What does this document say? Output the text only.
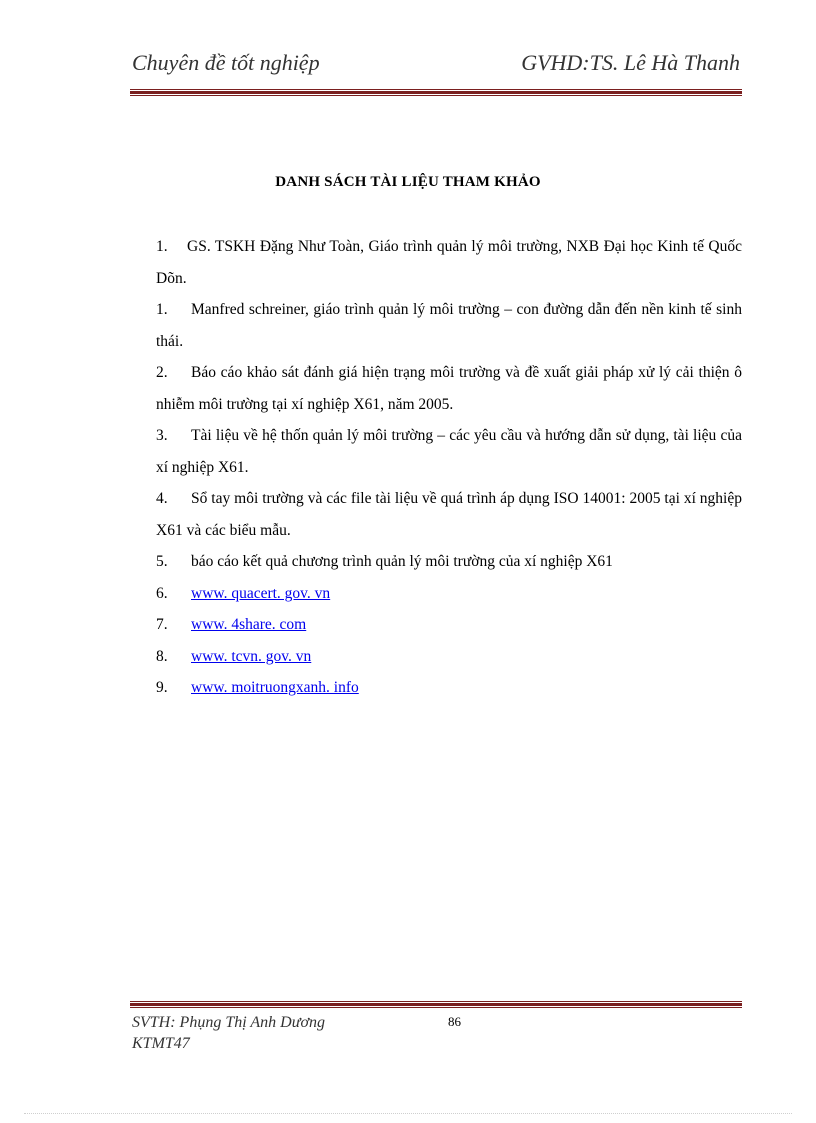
Chuyên đề tốt nghiệp	GVHD:TS. Lê Hà Thanh
DANH SÁCH TÀI LIỆU THAM KHẢO

1. GS. TSKH Đặng Như Toàn, Giáo trình quản lý môi trường, NXB Đại học Kinh tế Quốc Dõn.

1. Manfred schreiner, giáo trình quản lý môi trường – con đường dẫn đến nền kinh tế sinh thái.

2. Báo cáo khảo sát đánh giá hiện trạng môi trường và đề xuất giải pháp xử lý cải thiện ô nhiễm môi trường tại xí nghiệp X61, năm 2005.

3. Tài liệu về hệ thốn quản lý môi trường – các yêu cầu và hướng dẫn sử dụng, tài liệu của xí nghiệp X61.

4. Sổ tay môi trường và các file tài liệu về quá trình áp dụng ISO 14001: 2005 tại xí nghiệp X61 và các biểu mẫu.

5. báo cáo kết quả chương trình quản lý môi trường của xí nghiệp X61

6. www. quacert. gov. vn

7. www. 4share. com

8. www. tcvn. gov. vn

9. www. moitruongxanh. info

SVTH: Phụng Thị Anh Dương
KTMT47
86
